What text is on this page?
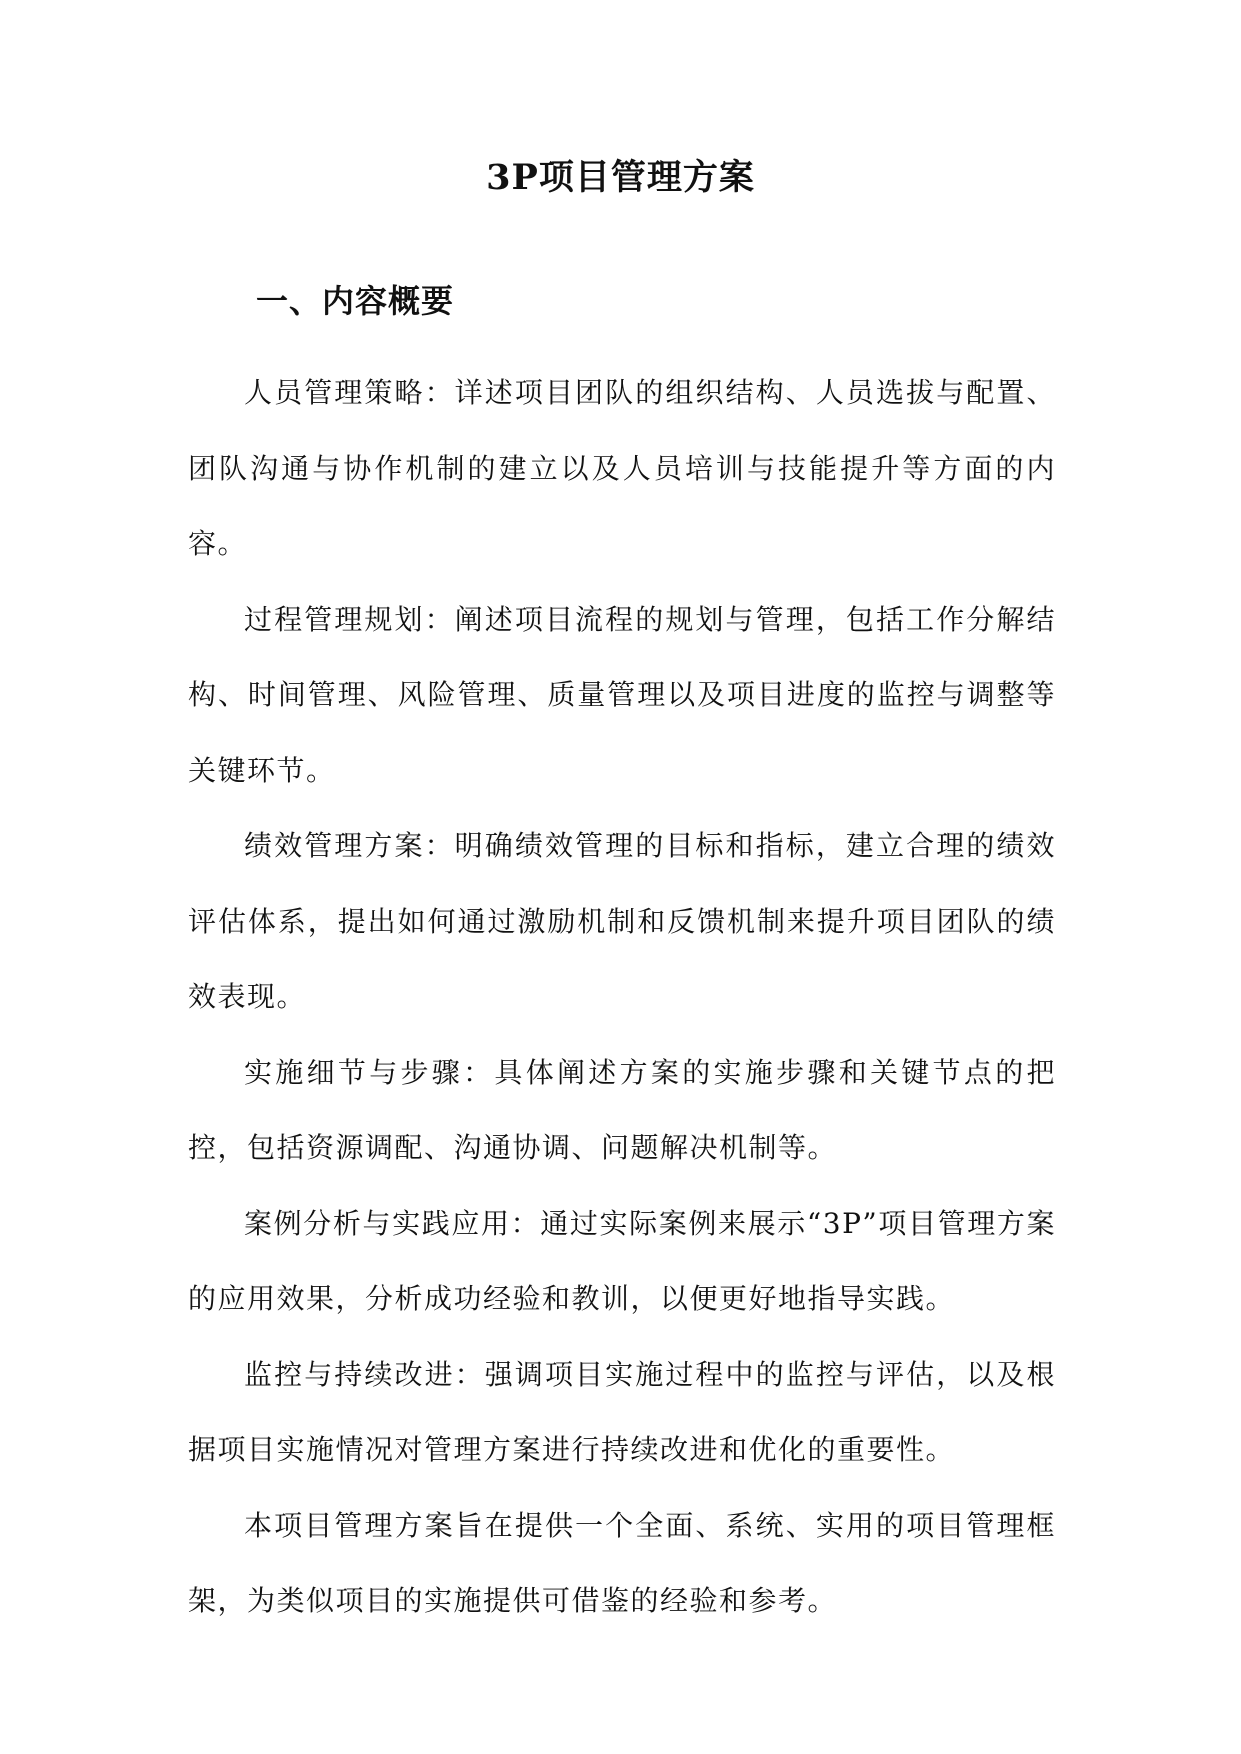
3P项目管理方案
一、内容概要

人员管理策略：详述项目团队的组织结构、人员选拔与配置、团队沟通与协作机制的建立以及人员培训与技能提升等方面的内容。

过程管理规划：阐述项目流程的规划与管理，包括工作分解结构、时间管理、风险管理、质量管理以及项目进度的监控与调整等关键环节。

绩效管理方案：明确绩效管理的目标和指标，建立合理的绩效评估体系，提出如何通过激励机制和反馈机制来提升项目团队的绩效表现。

实施细节与步骤：具体阐述方案的实施步骤和关键节点的把控，包括资源调配、沟通协调、问题解决机制等。

案例分析与实践应用：通过实际案例来展示“3P”项目管理方案的应用效果，分析成功经验和教训，以便更好地指导实践。

监控与持续改进：强调项目实施过程中的监控与评估，以及根据项目实施情况对管理方案进行持续改进和优化的重要性。

本项目管理方案旨在提供一个全面、系统、实用的项目管理框架，为类似项目的实施提供可借鉴的经验和参考。
